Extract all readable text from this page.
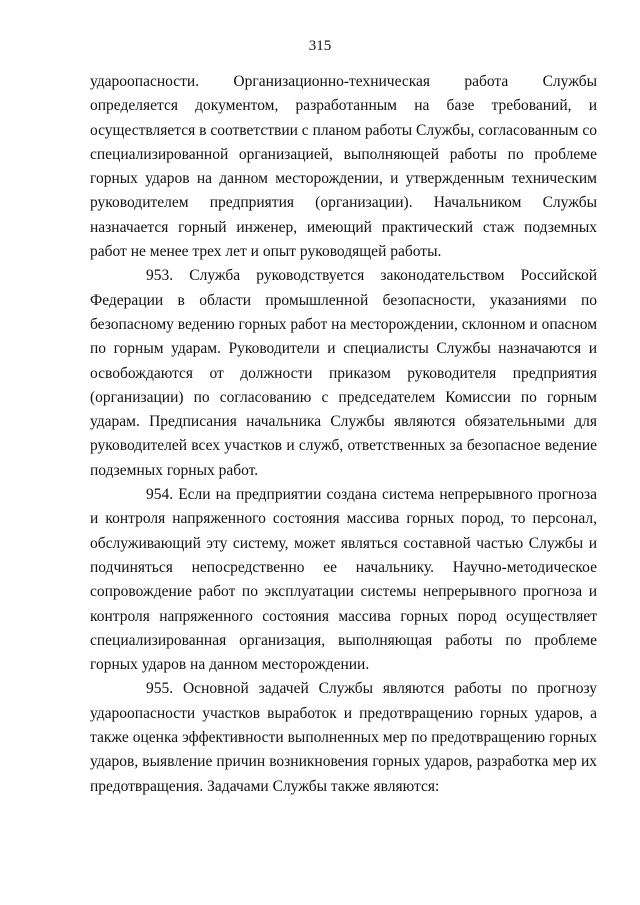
315

удароопасности. Организационно-техническая работа Службы определяется документом, разработанным на базе требований, и осуществляется в соответствии с планом работы Службы, согласованным со специализированной организацией, выполняющей работы по проблеме горных ударов на данном месторождении, и утвержденным техническим руководителем предприятия (организации). Начальником Службы назначается горный инженер, имеющий практический стаж подземных работ не менее трех лет и опыт руководящей работы.

953. Служба руководствуется законодательством Российской Федерации в области промышленной безопасности, указаниями по безопасному ведению горных работ на месторождении, склонном и опасном по горным ударам. Руководители и специалисты Службы назначаются и освобождаются от должности приказом руководителя предприятия (организации) по согласованию с председателем Комиссии по горным ударам. Предписания начальника Службы являются обязательными для руководителей всех участков и служб, ответственных за безопасное ведение подземных горных работ.

954. Если на предприятии создана система непрерывного прогноза и контроля напряженного состояния массива горных пород, то персонал, обслуживающий эту систему, может являться составной частью Службы и подчиняться непосредственно ее начальнику. Научно-методическое сопровождение работ по эксплуатации системы непрерывного прогноза и контроля напряженного состояния массива горных пород осуществляет специализированная организация, выполняющая работы по проблеме горных ударов на данном месторождении.

955. Основной задачей Службы являются работы по прогнозу удароопасности участков выработок и предотвращению горных ударов, а также оценка эффективности выполненных мер по предотвращению горных ударов, выявление причин возникновения горных ударов, разработка мер их предотвращения. Задачами Службы также являются:
